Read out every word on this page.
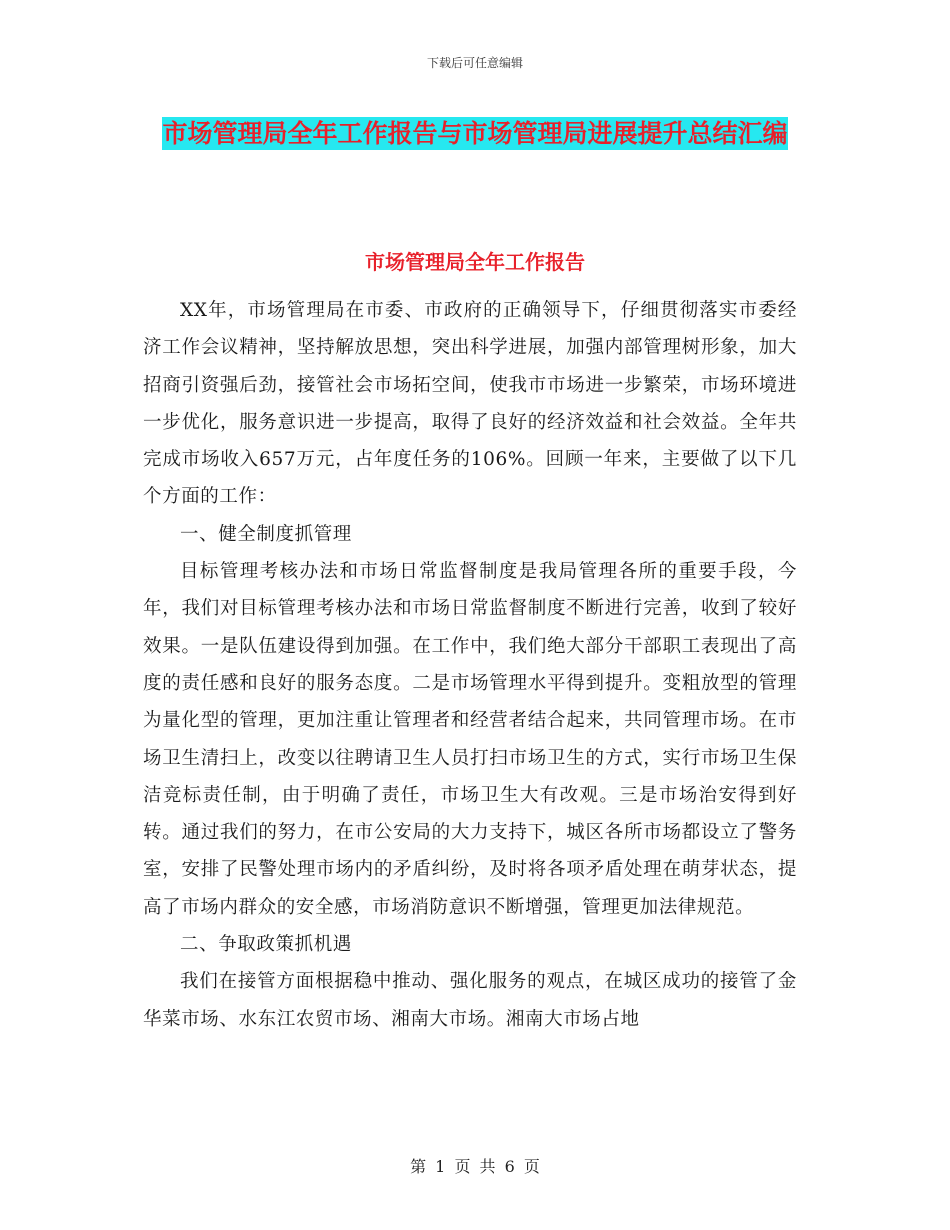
下载后可任意编辑
市场管理局全年工作报告与市场管理局进展提升总结汇编
市场管理局全年工作报告

XX年，市场管理局在市委、市政府的正确领导下，仔细贯彻落实市委经济工作会议精神，坚持解放思想，突出科学进展，加强内部管理树形象，加大招商引资强后劲，接管社会市场拓空间，使我市市场进一步繁荣，市场环境进一步优化，服务意识进一步提高，取得了良好的经济效益和社会效益。全年共完成市场收入657万元，占年度任务的106%。回顾一年来，主要做了以下几个方面的工作：

一、健全制度抓管理

目标管理考核办法和市场日常监督制度是我局管理各所的重要手段，今年，我们对目标管理考核办法和市场日常监督制度不断进行完善，收到了较好效果。一是队伍建设得到加强。在工作中，我们绝大部分干部职工表现出了高度的责任感和良好的服务态度。二是市场管理水平得到提升。变粗放型的管理为量化型的管理，更加注重让管理者和经营者结合起来，共同管理市场。在市场卫生清扫上，改变以往聘请卫生人员打扫市场卫生的方式，实行市场卫生保洁竞标责任制，由于明确了责任，市场卫生大有改观。三是市场治安得到好转。通过我们的努力，在市公安局的大力支持下，城区各所市场都设立了警务室，安排了民警处理市场内的矛盾纠纷，及时将各项矛盾处理在萌芽状态，提高了市场内群众的安全感，市场消防意识不断增强，管理更加法律规范。

二、争取政策抓机遇

我们在接管方面根据稳中推动、强化服务的观点，在城区成功的接管了金华菜市场、水东江农贸市场、湘南大市场。湘南大市场占地

第 1 页 共 6 页
